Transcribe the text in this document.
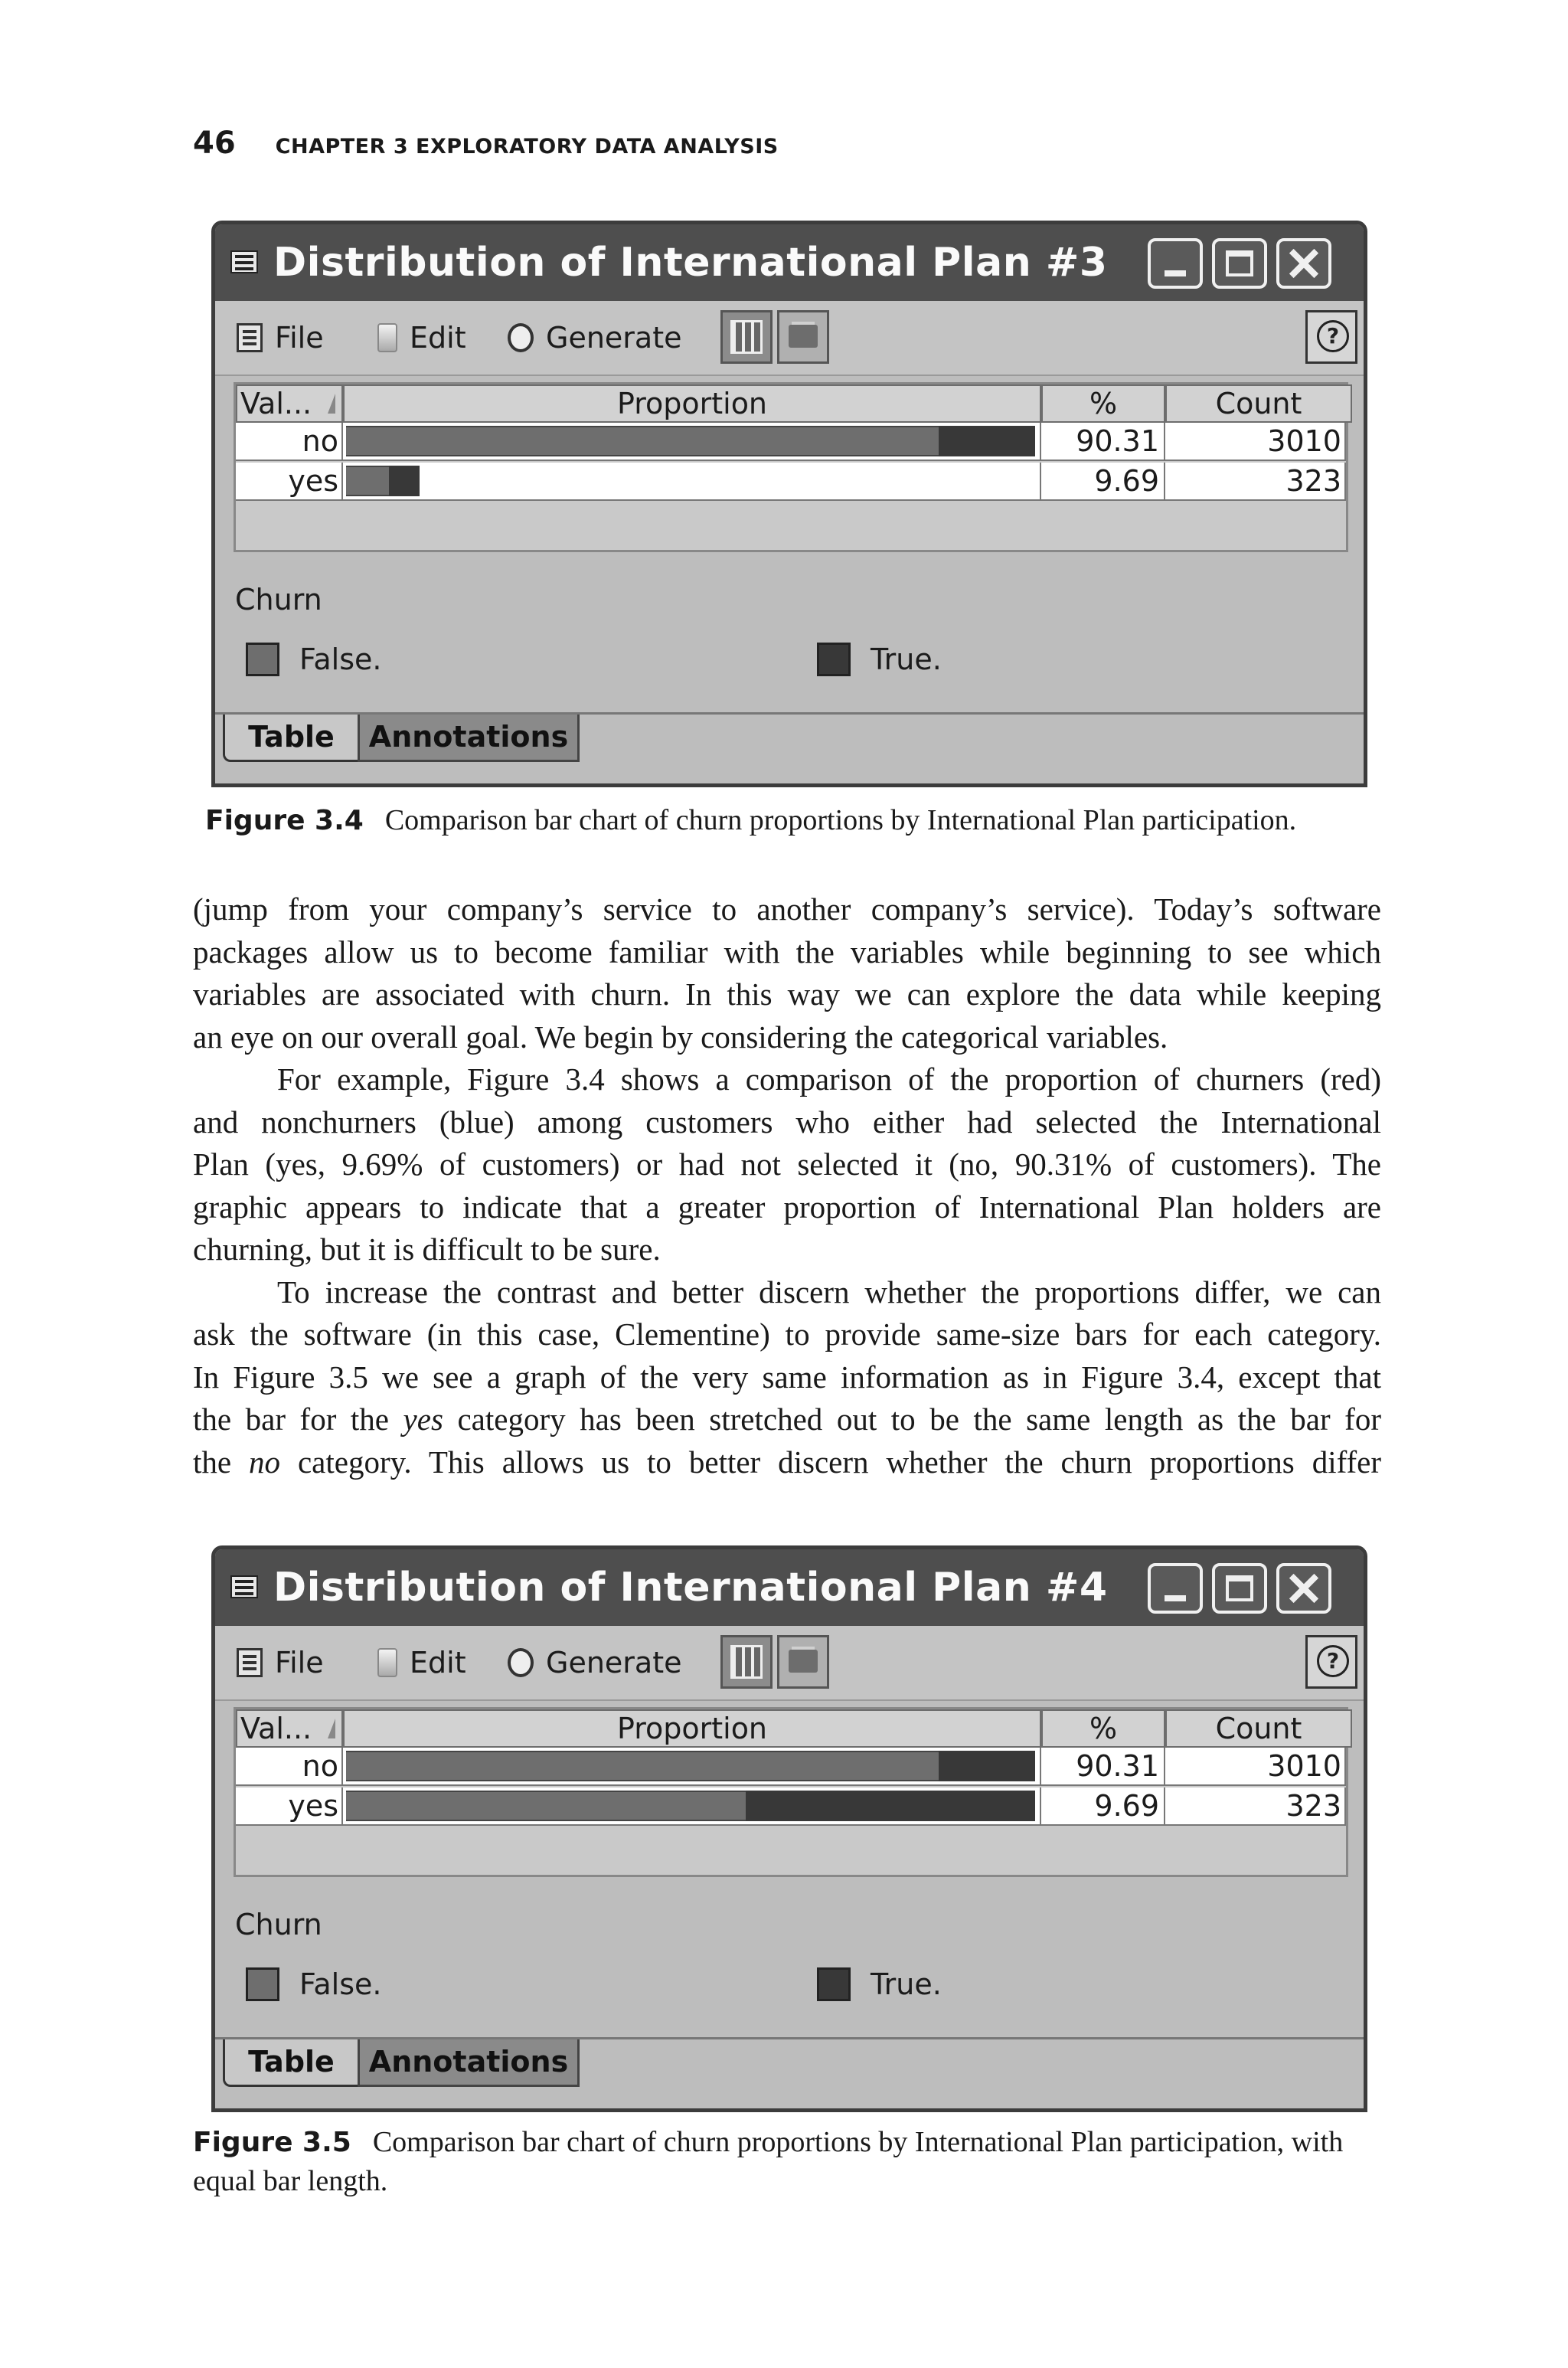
46 CHAPTER 3 EXPLORATORY DATA ANALYSIS
Distribution of International Plan #3
File	Edit	Generate
?
Val...	Proportion	%	Count
no	90.31	3010
yes	9.69	323
Churn
False.	True.
Table	Annotations
Figure 3.4 Comparison bar chart of churn proportions by International Plan participation.

(jump from your company’s service to another company’s service). Today’s software

packages allow us to become familiar with the variables while beginning to see which

variables are associated with churn. In this way we can explore the data while keeping

an eye on our overall goal. We begin by considering the categorical variables.

For example, Figure 3.4 shows a comparison of the proportion of churners (red)

and nonchurners (blue) among customers who either had selected the International

Plan (yes, 9.69% of customers) or had not selected it (no, 90.31% of customers). The

graphic appears to indicate that a greater proportion of International Plan holders are

churning, but it is difficult to be sure.

To increase the contrast and better discern whether the proportions differ, we can

ask the software (in this case, Clementine) to provide same-size bars for each category.

In Figure 3.5 we see a graph of the very same information as in Figure 3.4, except that

the bar for the yes category has been stretched out to be the same length as the bar for

the no category. This allows us to better discern whether the churn proportions differ

Distribution of International Plan #4
File	Edit	Generate
?
Val...	Proportion	%	Count
no	90.31	3010
yes	9.69	323
Churn
False.	True.
Table	Annotations
Figure 3.5 Comparison bar chart of churn proportions by International Plan participation, with equal bar length.
